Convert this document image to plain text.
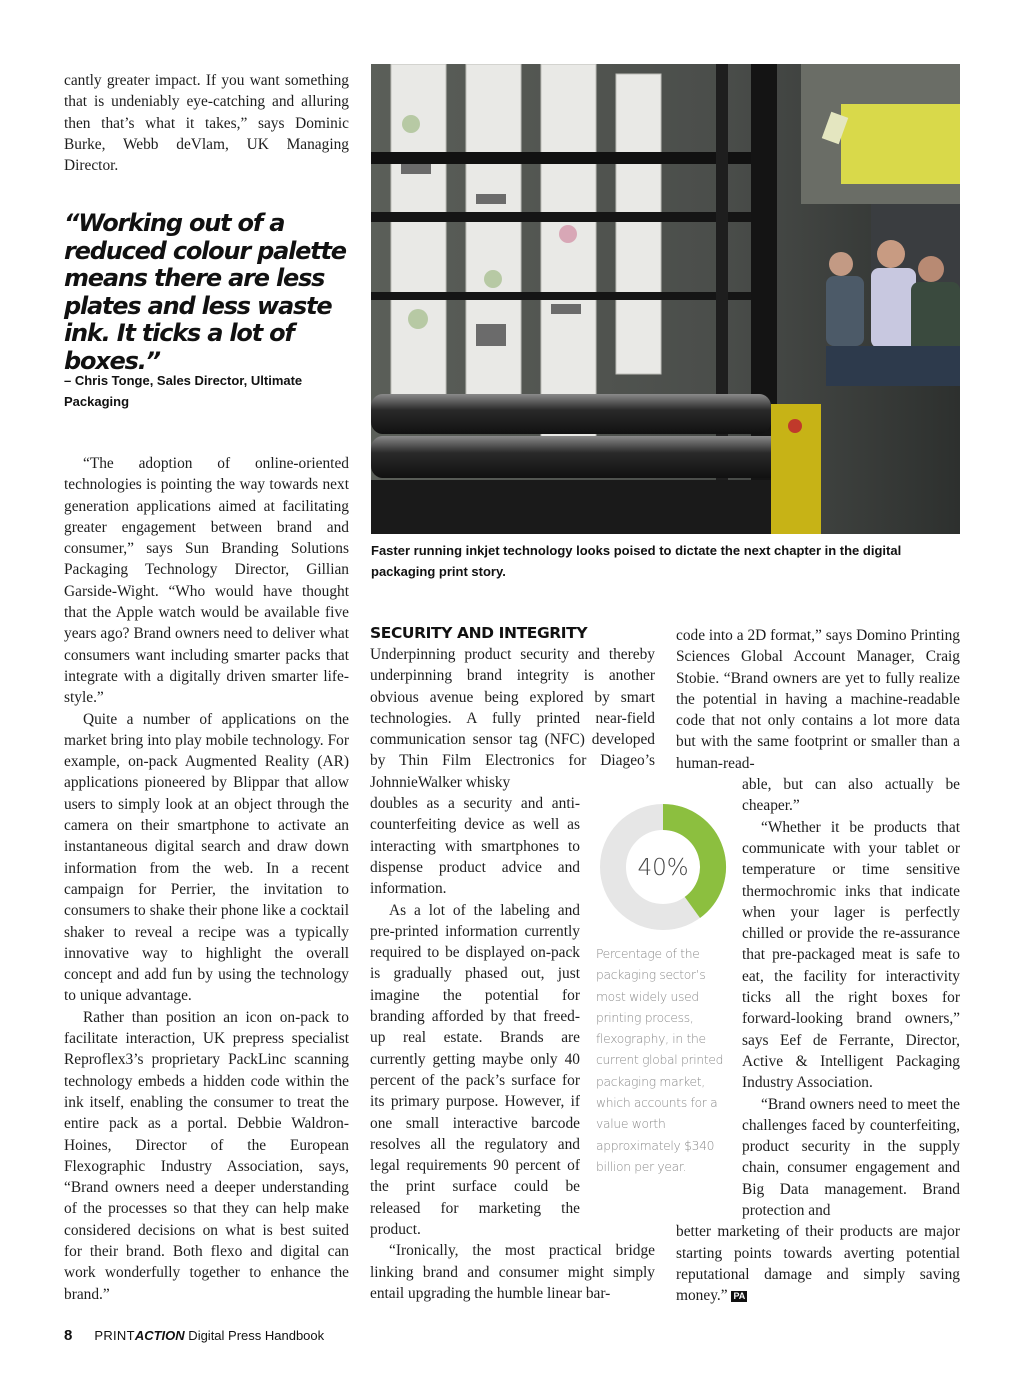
cantly greater impact. If you want something that is undeniably eye-catching and alluring then that’s what it takes,” says Dominic Burke, Webb deVlam, UK Managing Director.

“Working out of a reduced colour palette means there are less plates and less waste ink. It ticks a lot of boxes.”
– Chris Tonge, Sales Director, Ultimate Packaging

“The adoption of online-oriented technologies is pointing the way towards next generation applications aimed at facilitating greater engagement between brand and consumer,” says Sun Branding Solutions Packaging Technology Director, Gillian Garside-Wight. “Who would have thought that the Apple watch would be available five years ago? Brand owners need to deliver what consumers want including smarter packs that integrate with a digitally driven smarter life-style.”

Quite a number of applications on the market bring into play mobile technology. For example, on-pack Augmented Reality (AR) applications pioneered by Blippar that allow users to simply look at an object through the camera on their smartphone to activate an instantaneous digital search and draw down information from the web. In a recent campaign for Perrier, the invitation to consumers to shake their phone like a cocktail shaker to reveal a recipe was a typically innovative way to highlight the overall concept and add fun by using the technology to unique advantage.

Rather than position an icon on-pack to facilitate interaction, UK prepress specialist Reproflex3’s proprietary PackLinc scanning technology embeds a hidden code within the ink itself, enabling the consumer to treat the entire pack as a portal. Debbie Waldron-Hoines, Director of the European Flexographic Industry Association, says, “Brand owners need a deeper understanding of the processes so that they can help make considered decisions on what is best suited for their brand. Both flexo and digital can work wonderfully together to enhance the brand.”

Faster running inkjet technology looks poised to dictate the next chapter in the digital packaging print story.
SECURITY AND INTEGRITY

Underpinning product security and thereby underpinning brand integrity is another obvious avenue being explored by smart technologies. A fully printed near-field communication sensor tag (NFC) developed by Thin Film Electronics for Diageo’s JohnnieWalker whisky

doubles as a security and anti-counterfeiting device as well as interacting with smartphones to dispense product advice and information.

As a lot of the labeling and pre-printed information currently required to be displayed on-pack is gradually phased out, just imagine the potential for branding afforded by that freed-up real estate. Brands are currently getting maybe only 40 percent of the pack’s surface for its primary purpose. However, if one small interactive barcode resolves all the regulatory and legal requirements 90 percent of the print surface could be released for marketing the product.

“Ironically, the most practical bridge linking brand and consumer might simply entail upgrading the humble linear bar-

40%
Percentage of the packaging sector’s most widely used printing process, flexography, in the current global printed packaging market, which accounts for a value worth approximately $340 billion per year.

code into a 2D format,” says Domino Printing Sciences Global Account Manager, Craig Stobie. “Brand owners are yet to fully realize the potential in having a machine-readable code that not only contains a lot more data but with the same footprint or smaller than a human-read-

able, but can also actually be cheaper.”

“Whether it be products that communicate with your tablet or temperature or time sensitive thermochromic inks that indicate when your lager is perfectly chilled or provide the re-assurance that pre-packaged meat is safe to eat, the facility for interactivity ticks all the right boxes for forward-looking brand owners,” says Eef de Ferrante, Director, Active & Intelligent Packaging Industry Association.

“Brand owners need to meet the challenges faced by counterfeiting, product security in the supply chain, consumer engagement and Big Data management. Brand protection and

better marketing of their products are major starting points towards averting potential reputational damage and simply saving money.” PA

8 PRINTACTION Digital Press Handbook
